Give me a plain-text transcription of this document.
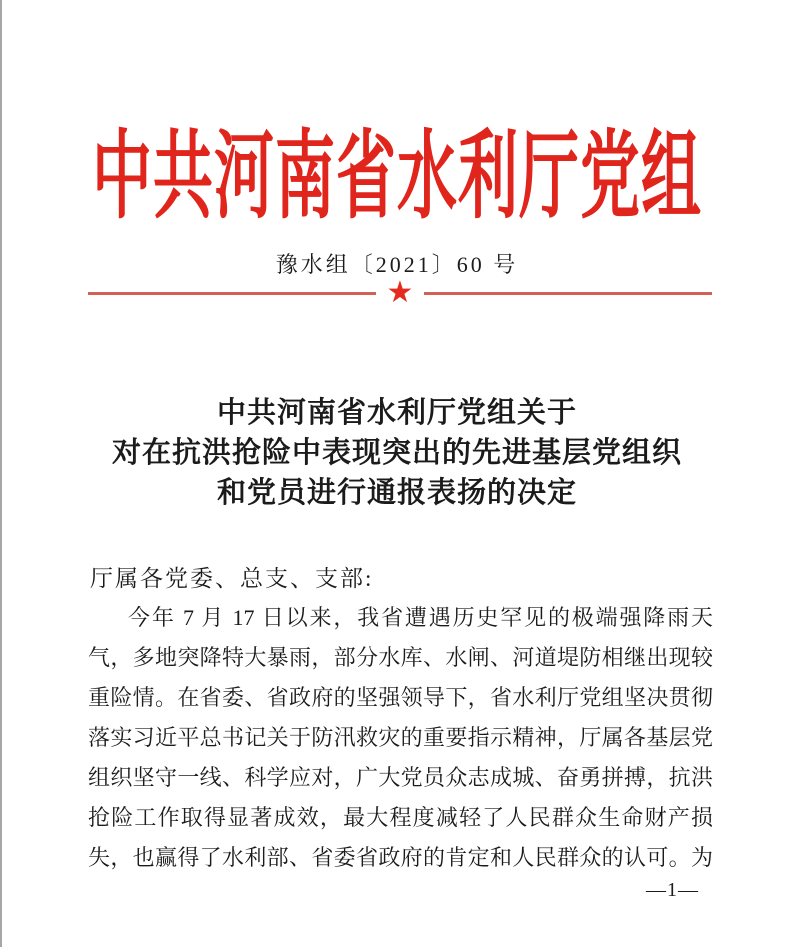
中共河南省水利厅党组
豫水组〔2021〕60 号
★
中共河南省水利厅党组关于
对在抗洪抢险中表现突出的先进基层党组织
和党员进行通报表扬的决定
厅属各党委、总支、支部:
今年 7 月 17 日以来，我省遭遇历史罕见的极端强降雨天
气，多地突降特大暴雨，部分水库、水闸、河道堤防相继出现较
重险情。在省委、省政府的坚强领导下，省水利厅党组坚决贯彻
落实习近平总书记关于防汛救灾的重要指示精神，厅属各基层党
组织坚守一线、科学应对，广大党员众志成城、奋勇拼搏，抗洪
抢险工作取得显著成效，最大程度减轻了人民群众生命财产损
失，也赢得了水利部、省委省政府的肯定和人民群众的认可。为
—1—
